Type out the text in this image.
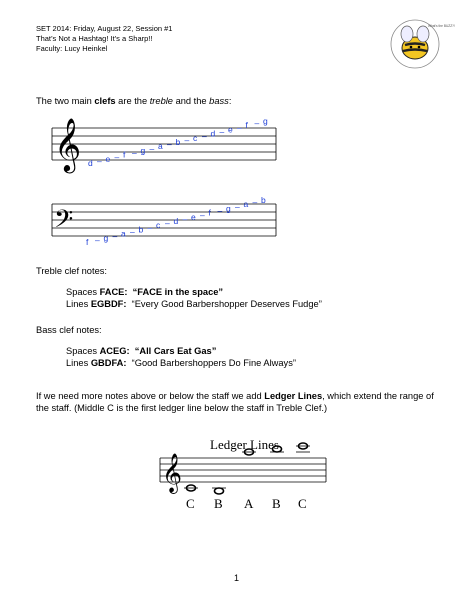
SET 2014: Friday, August 22, Session #1
That’s Not a Hashtag! It’s a Sharp!!
Faculty: Lucy Heinkel
What's the BUZZ?!
The two main clefs are the treble and the bass:
𝄞 d – e – f – g – a – b – c – d – e – f – g
𝄢
f – g – a – b – c – d – e – f – g – a – b
Treble clef notes:
Spaces FACE: “FACE in the space”
Lines EGBDF: “Every Good Barbershopper Deserves Fudge”
Bass clef notes:
Spaces ACEG: “All Cars Eat Gas”
Lines GBDFA: “Good Barbershoppers Do Fine Always”
If we need more notes above or below the staff we add Ledger Lines, which extend the range of the staff. (Middle C is the first ledger line below the staff in Treble Clef.)
Ledger Lines
𝄞
C B A B C
1
